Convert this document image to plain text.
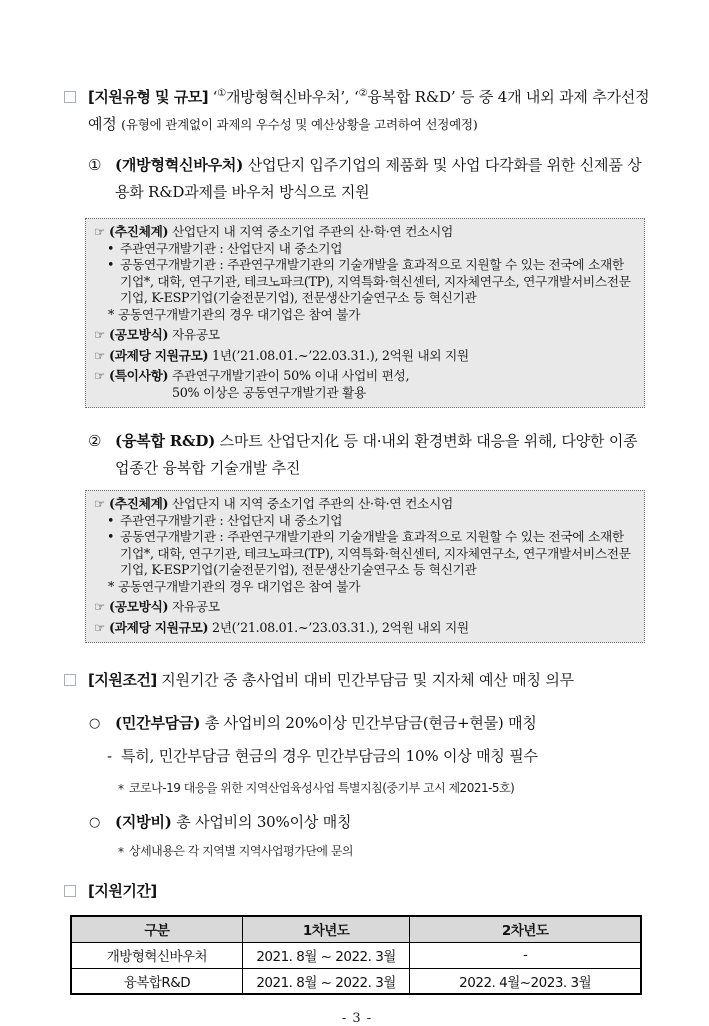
[지원유형 및 규모] ‘①개방형혁신바우처’, ‘②융복합 R&D’ 등 중 4개 내외 과제 추가선정 예정 (유형에 관계없이 과제의 우수성 및 예산상황을 고려하여 선정예정)
① (개방형혁신바우처) 산업단지 입주기업의 제품화 및 사업 다각화를 위한 신제품 상용화 R&D과제를 바우처 방식으로 지원
☞ (추진체계) 산업단지 내 지역 중소기업 주관의 산·학·연 컨소시엄
• 주관연구개발기관 : 산업단지 내 중소기업
• 공동연구개발기관 : 주관연구개발기관의 기술개발을 효과적으로 지원할 수 있는 전국에 소재한 기업*, 대학, 연구기관, 테크노파크(TP), 지역특화·혁신센터, 지자체연구소, 연구개발서비스전문기업, K-ESP기업(기술전문기업), 전문생산기술연구소 등 혁신기관
* 공동연구개발기관의 경우 대기업은 참여 불가
☞ (공모방식) 자유공모
☞ (과제당 지원규모) 1년(’21.08.01.~’22.03.31.), 2억원 내외 지원
☞ (특이사항) 주관연구개발기관이 50% 이내 사업비 편성,
50% 이상은 공동연구개발기관 활용
② (융복합 R&D) 스마트 산업단지化 등 대·내외 환경변화 대응을 위해, 다양한 이종업종간 융복합 기술개발 추진
☞ (추진체계) 산업단지 내 지역 중소기업 주관의 산·학·연 컨소시엄
• 주관연구개발기관 : 산업단지 내 중소기업
• 공동연구개발기관 : 주관연구개발기관의 기술개발을 효과적으로 지원할 수 있는 전국에 소재한 기업*, 대학, 연구기관, 테크노파크(TP), 지역특화·혁신센터, 지자체연구소, 연구개발서비스전문기업, K-ESP기업(기술전문기업), 전문생산기술연구소 등 혁신기관
* 공동연구개발기관의 경우 대기업은 참여 불가
☞ (공모방식) 자유공모
☞ (과제당 지원규모) 2년(’21.08.01.~’23.03.31.), 2억원 내외 지원
[지원조건] 지원기간 중 총사업비 대비 민간부담금 및 지자체 예산 매칭 의무
○ (민간부담금) 총 사업비의 20%이상 민간부담금(현금+현물) 매칭
- 특히, 민간부담금 현금의 경우 민간부담금의 10% 이상 매칭 필수
* 코로나-19 대응을 위한 지역산업육성사업 특별지침(중기부 고시 제2021-5호)
○ (지방비) 총 사업비의 30%이상 매칭
* 상세내용은 각 지역별 지역사업평가단에 문의
[지원기간]
구분	1차년도	2차년도
개방형혁신바우처	2021. 8월 ~ 2022. 3월	-
융복합R&D	2021. 8월 ~ 2022. 3월	2022. 4월~2023. 3월
- 3 -
